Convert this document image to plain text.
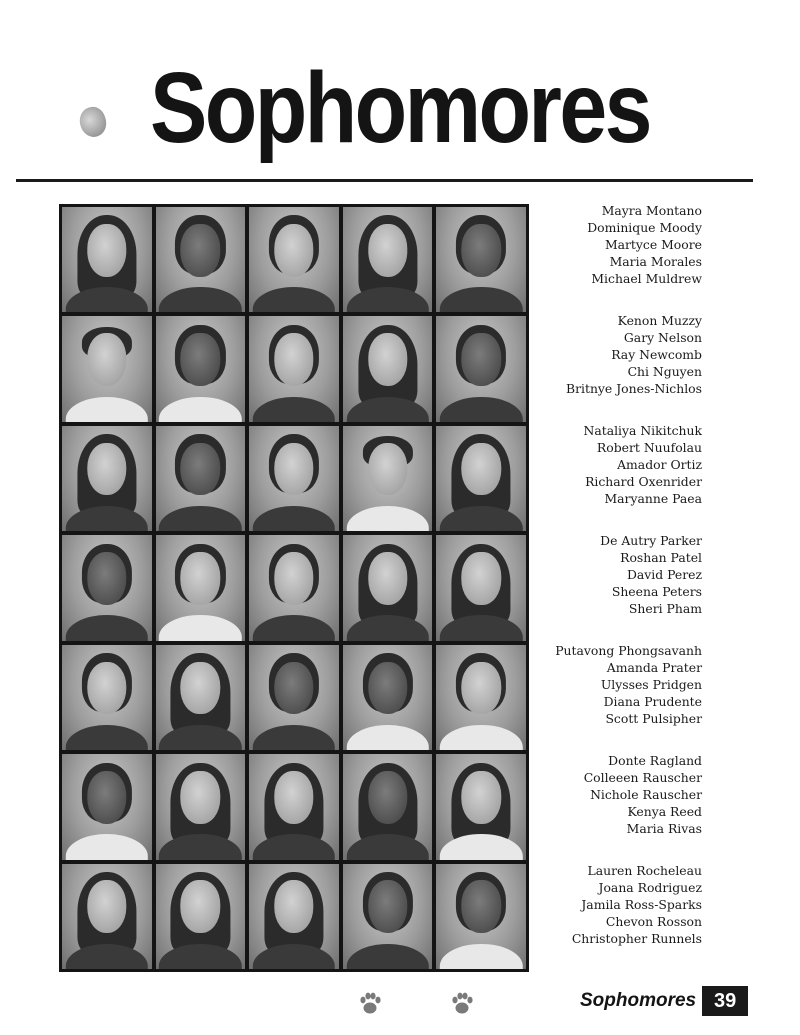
Sophomores
Mayra Montano
Dominique Moody
Martyce Moore
Maria Morales
Michael Muldrew
Kenon Muzzy
Gary Nelson
Ray Newcomb
Chi Nguyen
Britnye Jones-Nichlos
Nataliya Nikitchuk
Robert Nuufolau
Amador Ortiz
Richard Oxenrider
Maryanne Paea
De Autry Parker
Roshan Patel
David Perez
Sheena Peters
Sheri Pham
Putavong Phongsavanh
Amanda Prater
Ulysses Pridgen
Diana Prudente
Scott Pulsipher
Donte Ragland
Colleeen Rauscher
Nichole Rauscher
Kenya Reed
Maria Rivas
Lauren Rocheleau
Joana Rodriguez
Jamila Ross-Sparks
Chevon Rosson
Christopher Runnels
Sophomores 39
